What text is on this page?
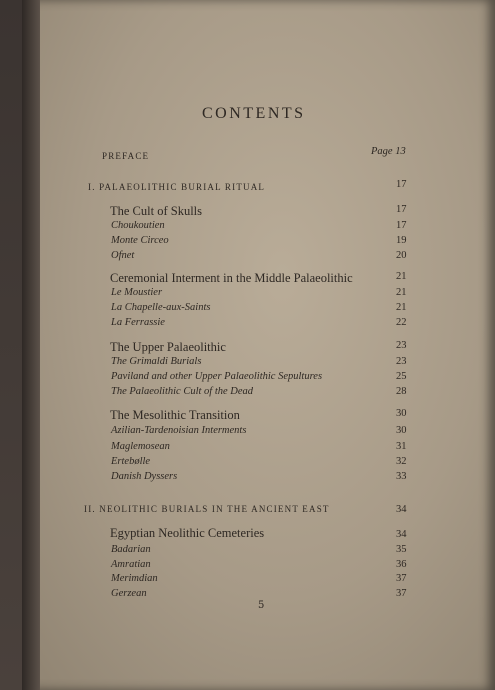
CONTENTS
PREFACE	Page 13
I. PALAEOLITHIC BURIAL RITUAL	17
The Cult of Skulls	17
Choukoutien	17
Monte Circeo	19
Ofnet	20
Ceremonial Interment in the Middle Palaeolithic	21
Le Moustier	21
La Chapelle-aux-Saints	21
La Ferrassie	22
The Upper Palaeolithic	23
The Grimaldi Burials	23
Paviland and other Upper Palaeolithic Sepultures	25
The Palaeolithic Cult of the Dead	28
The Mesolithic Transition	30
Azilian-Tardenoisian Interments	30
Maglemosean	31
Ertebølle	32
Danish Dyssers	33
II. NEOLITHIC BURIALS IN THE ANCIENT EAST	34
Egyptian Neolithic Cemeteries	34
Badarian	35
Amratian	36
Merimdian	37
Gerzean	37
5
